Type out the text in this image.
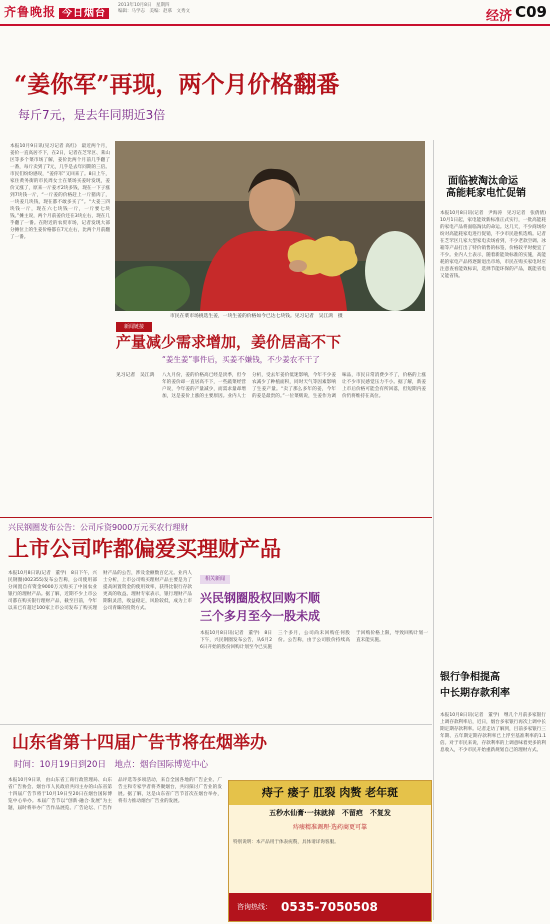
齐鲁晚报 今日烟台
2013年10月8日　星期四
编辑：马学志　美编：赵慕　文秀文	经济 C09
“姜你军”再现，两个月价格翻番
每斤7元，是去年同期近3倍
本报10月9日讯(见习记者 高红)　最近两个月，姜价一直高居不下，在2日，记者在芝罘区、莱山区等多个菜市场了解，姜价比两个月前几乎翻了一番，每斤卖到了7元，几乎是去年同期的三倍。市民们纷纷感叹，“姜你军”又回来了。8日上午，家住黄务街的市民周女士在菜场买姜时发现，姜价又涨了，原来一斤姜才2块多钱，现在一下子涨到7块钱一斤，“一斤姜的价格赶上一斤猪肉了，一块姜几块钱，现在都不敢多买了”。“大姜三四块钱一斤，现在六七块钱一斤，一斤要七块钱。”摊主说，两个月前姜价还在3块左右，现在几乎翻了一番。在附近的农贸市场，记者发现大部分摊位上的生姜价格都在7元左右，比两个月前翻了一番。
市民在菜市场挑选生姜，一块生姜的价格如今已达七块钱。见习记者　吴江鸿　摄
新闻链接
产量减少需求增加，姜价居高不下
“姜生姜”事件后，买姜不嫌钱，不少姜农不干了
见习记者　吴江鸿 八九月份，姜的价格高已经是淡季，但今年的姜价却一直居高不下，一些蔬菜经营户说，今年姜的产量减少，而需求量却增加，这是姜价上涨的主要原因。业内人士分析，受去年姜价低迷影响，今年不少姜农减少了种植面积，同时天气等因素影响了生姜产量。“卖了那么多年的姜，今年的姜是最贵的。”一位菜贩说，生姜作为调味品，市民日常消费少不了，价格的上涨让不少市民感觉压力不小。据了解，新姜上市后价格可能会有所回落，但短期内姜价仍将维持在高位。
面临被淘汰命运
高能耗家电忙促销
本报10月8日讯(记者　尹海涛　见习记者　张倩倩)　10月1日起，家电能效新标准正式实行，一批高能耗的家电产品将面临淘汰的命运。这几天，不少商场纷纷对高能耗家电进行促销，不少市民趁机选购。记者在芝罘区几家大型家电卖场看到，不少老款空调、冰箱等产品打出了特价销售的标签，价格较平时便宜了不少。业内人士表示，随着新能效标准的实施，高能耗的家电产品将逐渐退出市场，市民在购买家电时应注意查看能效标识，选择节能环保的产品，既能省电又能省钱。
银行争相提高
中长期存款利率
本报10月8日讯(记者　董学)　继几个月前多家银行上调存款利率后，近日，烟台多家银行再次上调中长期定期存款利率。记者走访了解到，目前多家银行三年期、五年期定期存款利率已上浮至基准利率的1.1倍。对于市民来说，存款利率的上调意味着更多的利息收入，不少市民开始重新规划自己的理财方式。
兴民钢圈发布公告：公司斥资9000万元买农行理财
上市公司咋都偏爱买理财产品
本报10月8日讯(记者　董学)　8日下午，兴民钢圈(002355)发布公告称，公司使用部分闲置自有资金9000万元购买了中国农业银行的理财产品。据了解，近期不少上市公司都在购买银行理财产品，截至目前，今年以来已有超过100家上市公司发布了购买理财产品的公告，涉及金额数百亿元。业内人士分析，上市公司购买理财产品主要是为了提高闲置资金的使用效率，获得比银行存款更高的收益。理财专家表示，银行理财产品期限灵活，收益稳定，风险较低，成为上市公司青睐的投资方式。
相关新闻
兴民钢圈股权回购不顺
三个多月至今一股未成
本报10月8日讯(记者　董学)　8日下午，兴民钢圈发布公告，从6月26日开始的股份回购计划至今已实施三个多月，公司尚未回购任何股份。公告称，由于公司股价持续高于回购价格上限，导致回购计划一直未能实施。
山东省第十四届广告节将在烟举办
时间：10月19日到20日　地点：烟台国际博览中心
本报10月9日讯　由山东省工商行政管理局、山东省广告协会、烟台市人民政府共同主办的山东省第十四届广告节将于10月19日至20日在烟台国际博览中心举办。本届广告节以“创新·融合·发展”为主题，届时将举办广告作品展览、广告论坛、广告作品评选等多项活动，来自全国各地的广告企业、广告主和专家学者将齐聚烟台，共同探讨广告业的发展。据了解，这是山东省广告节首次在烟台举办，将有力推动烟台广告业的发展。
痔子 瘘子 肛裂 肉赘 老年斑
五秒水仙膏·一抹就掉　不留疤　不复发
痔瘘精准调理·选药商更可靠
特别说明：本产品用于体表疣赘，具体请详询客服。
咨询热线： 0535-7050508
